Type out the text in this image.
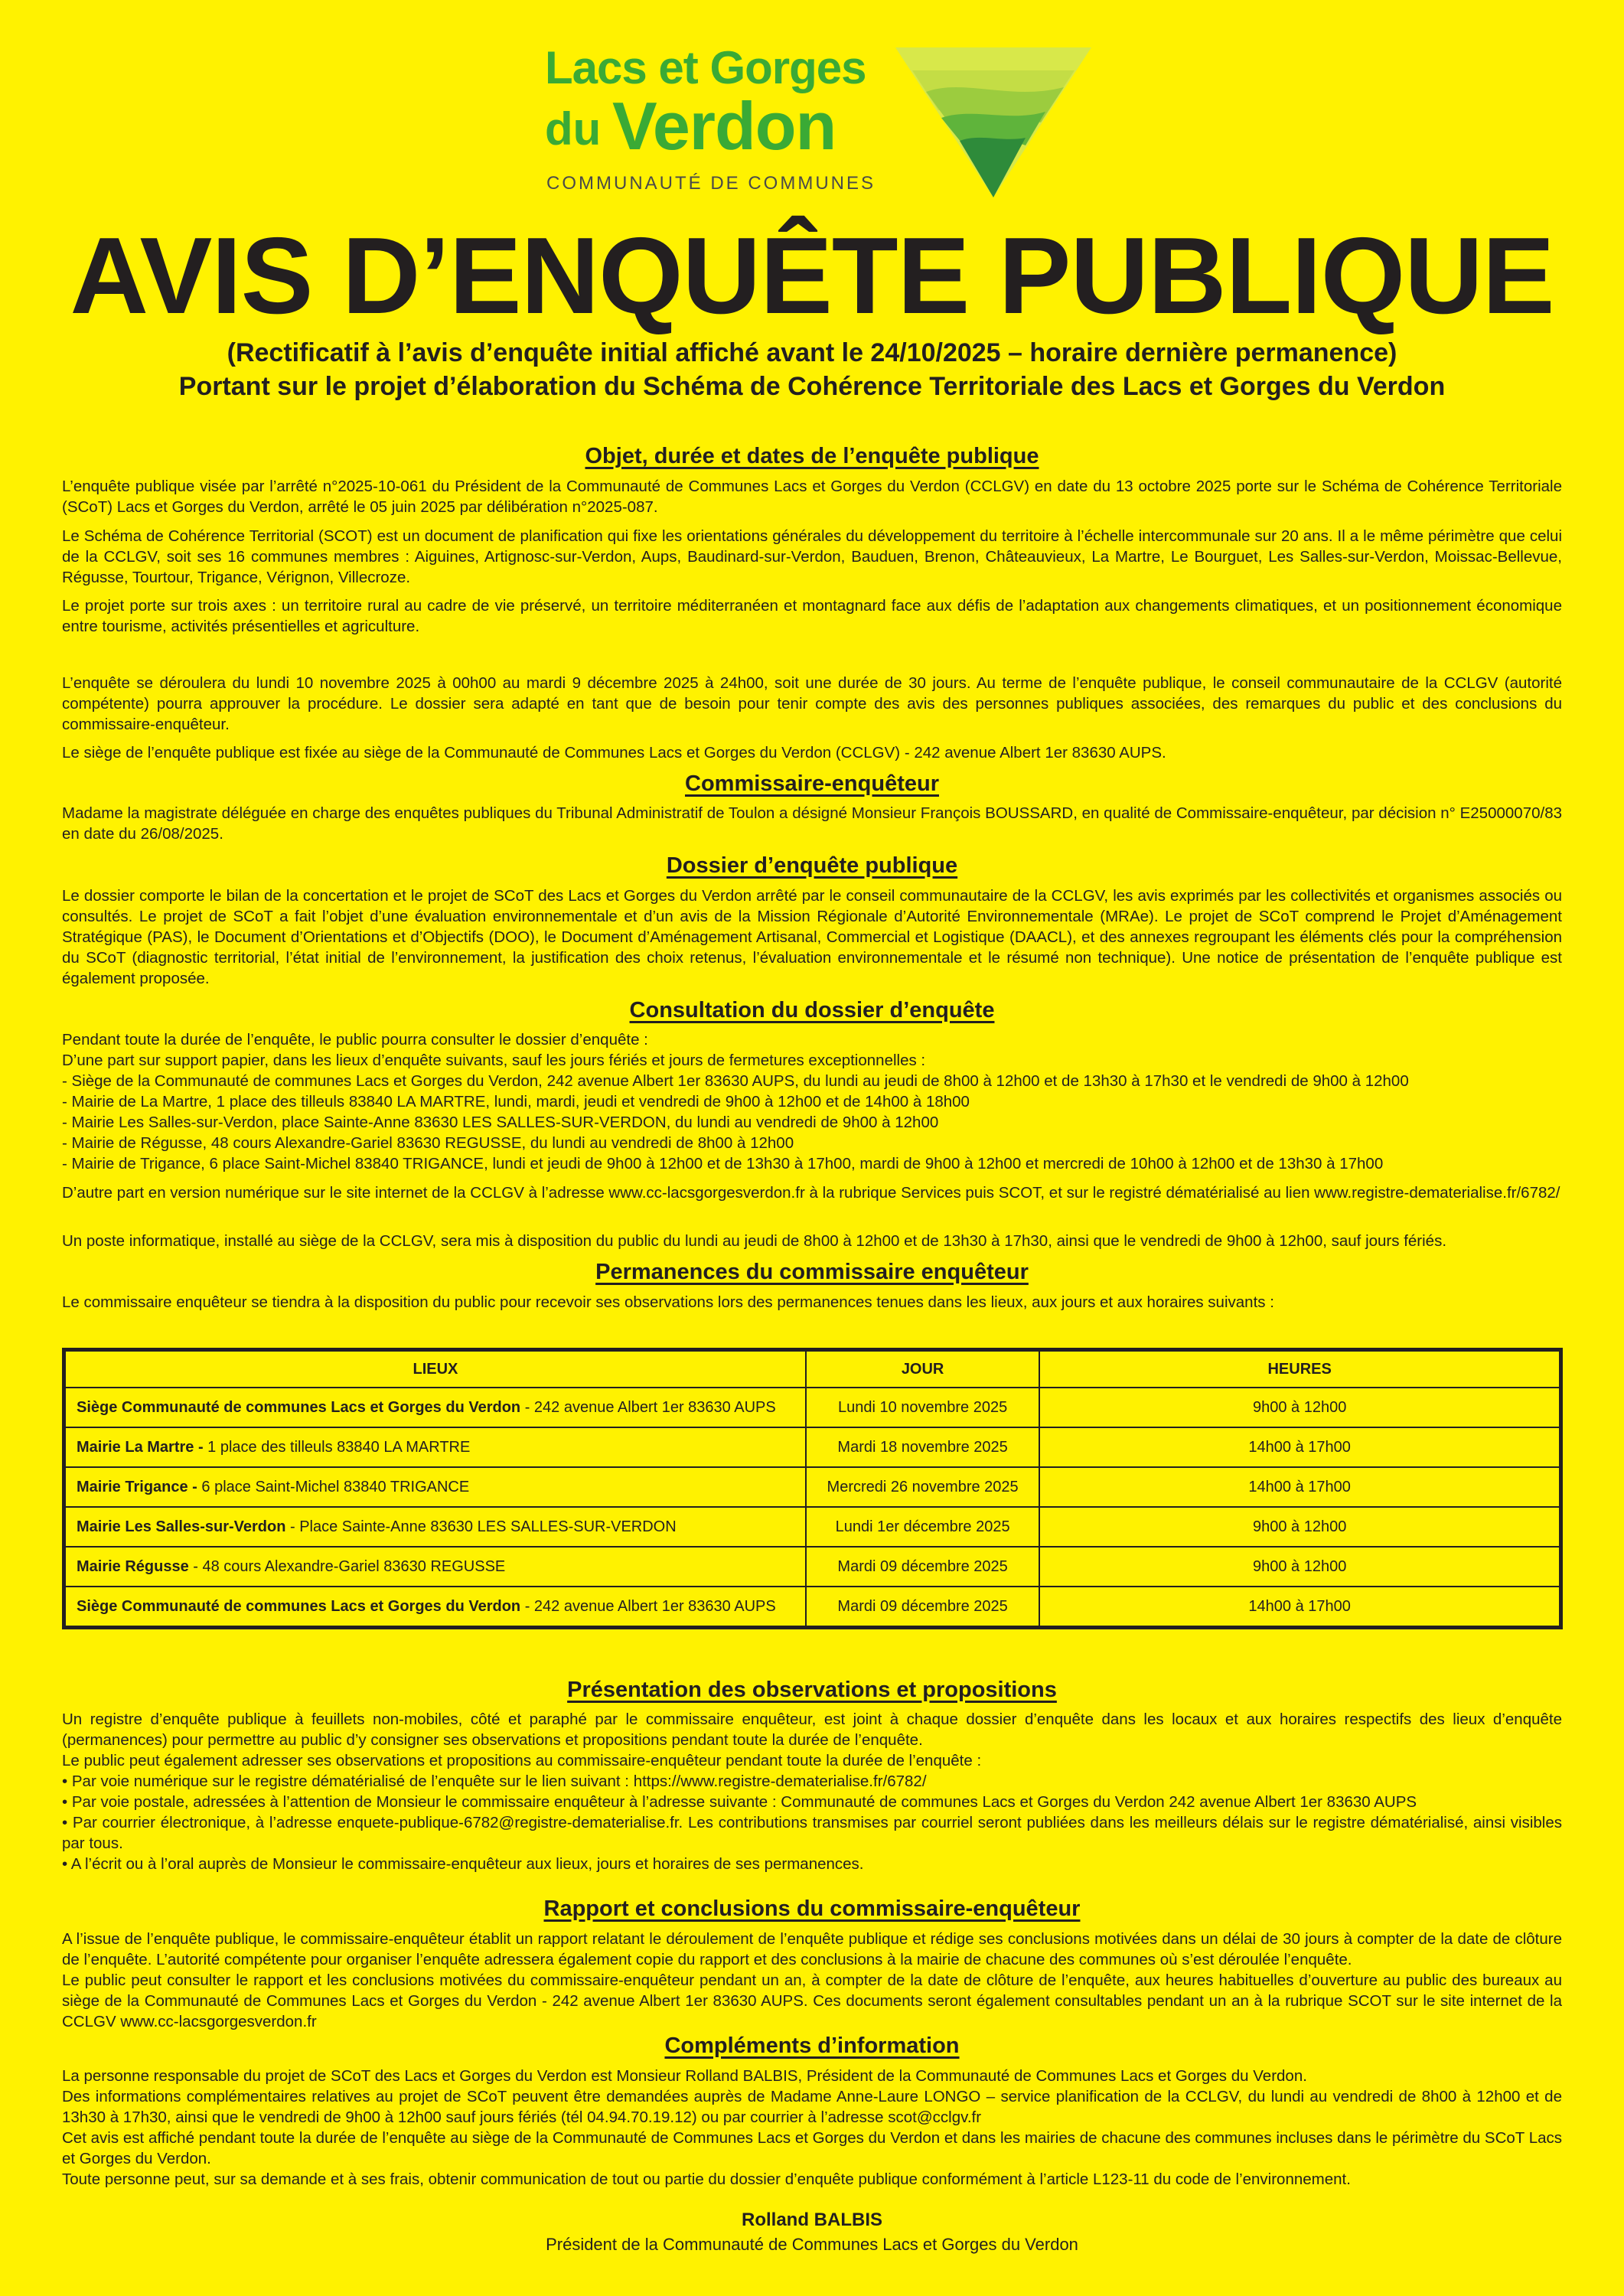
Lacs et Gorges
du Verdon
COMMUNAUTÉ DE COMMUNES
AVIS D’ENQUÊTE PUBLIQUE
(Rectificatif à l’avis d’enquête initial affiché avant le 24/10/2025 – horaire dernière permanence)
Portant sur le projet d’élaboration du Schéma de Cohérence Territoriale des Lacs et Gorges du Verdon
Objet, durée et dates de l’enquête publique

L’enquête publique visée par l’arrêté n°2025-10-061 du Président de la Communauté de Communes Lacs et Gorges du Verdon (CCLGV) en date du 13 octobre 2025 porte sur le Schéma de Cohérence Territoriale (SCoT) Lacs et Gorges du Verdon, arrêté le 05 juin 2025 par délibération n°2025-087.

Le Schéma de Cohérence Territorial (SCOT) est un document de planification qui fixe les orientations générales du développement du territoire à l’échelle intercommunale sur 20 ans. Il a le même périmètre que celui de la CCLGV, soit ses 16 communes membres : Aiguines, Artignosc-sur-Verdon, Aups, Baudinard-sur-Verdon, Bauduen, Brenon, Châteauvieux, La Martre, Le Bourguet, Les Salles-sur-Verdon, Moissac-Bellevue, Régusse, Tourtour, Trigance, Vérignon, Villecroze.

Le projet porte sur trois axes : un territoire rural au cadre de vie préservé, un territoire méditerranéen et montagnard face aux défis de l’adaptation aux changements climatiques, et un positionnement économique entre tourisme, activités présentielles et agriculture.

L’enquête se déroulera du lundi 10 novembre 2025 à 00h00 au mardi 9 décembre 2025 à 24h00, soit une durée de 30 jours. Au terme de l’enquête publique, le conseil communautaire de la CCLGV (autorité compétente) pourra approuver la procédure. Le dossier sera adapté en tant que de besoin pour tenir compte des avis des personnes publiques associées, des remarques du public et des conclusions du commissaire-enquêteur.

Le siège de l’enquête publique est fixée au siège de la Communauté de Communes Lacs et Gorges du Verdon (CCLGV) - 242 avenue Albert 1er 83630 AUPS.

Commissaire-enquêteur

Madame la magistrate déléguée en charge des enquêtes publiques du Tribunal Administratif de Toulon a désigné Monsieur François BOUSSARD, en qualité de Commissaire-enquêteur, par décision n° E25000070/83 en date du 26/08/2025.

Dossier d’enquête publique

Le dossier comporte le bilan de la concertation et le projet de SCoT des Lacs et Gorges du Verdon arrêté par le conseil communautaire de la CCLGV, les avis exprimés par les collectivités et organismes associés ou consultés. Le projet de SCoT a fait l’objet d’une évaluation environnementale et d’un avis de la Mission Régionale d’Autorité Environnementale (MRAe). Le projet de SCoT comprend le Projet d’Aménagement Stratégique (PAS), le Document d’Orientations et d’Objectifs (DOO), le Document d’Aménagement Artisanal, Commercial et Logistique (DAACL), et des annexes regroupant les éléments clés pour la compréhension du SCoT (diagnostic territorial, l’état initial de l’environnement, la justification des choix retenus, l’évaluation environnementale et le résumé non technique). Une notice de présentation de l’enquête publique est également proposée.

Consultation du dossier d’enquête

Pendant toute la durée de l’enquête, le public pourra consulter le dossier d’enquête :

D’une part sur support papier, dans les lieux d’enquête suivants, sauf les jours fériés et jours de fermetures exceptionnelles :

- Siège de la Communauté de communes Lacs et Gorges du Verdon, 242 avenue Albert 1er 83630 AUPS, du lundi au jeudi de 8h00 à 12h00 et de 13h30 à 17h30 et le vendredi de 9h00 à 12h00

- Mairie de La Martre, 1 place des tilleuls 83840 LA MARTRE, lundi, mardi, jeudi et vendredi de 9h00 à 12h00 et de 14h00 à 18h00

- Mairie Les Salles-sur-Verdon, place Sainte-Anne 83630 LES SALLES-SUR-VERDON, du lundi au vendredi de 9h00 à 12h00

- Mairie de Régusse, 48 cours Alexandre-Gariel 83630 REGUSSE, du lundi au vendredi de 8h00 à 12h00

- Mairie de Trigance, 6 place Saint-Michel 83840 TRIGANCE, lundi et jeudi de 9h00 à 12h00 et de 13h30 à 17h00, mardi de 9h00 à 12h00 et mercredi de 10h00 à 12h00 et de 13h30 à 17h00

D’autre part en version numérique sur le site internet de la CCLGV à l’adresse www.cc-lacsgorgesverdon.fr à la rubrique Services puis SCOT, et sur le registré dématérialisé au lien www.registre-dematerialise.fr/6782/

Un poste informatique, installé au siège de la CCLGV, sera mis à disposition du public du lundi au jeudi de 8h00 à 12h00 et de 13h30 à 17h30, ainsi que le vendredi de 9h00 à 12h00, sauf jours fériés.

Permanences du commissaire enquêteur

Le commissaire enquêteur se tiendra à la disposition du public pour recevoir ses observations lors des permanences tenues dans les lieux, aux jours et aux horaires suivants :

LIEUX	JOUR	HEURES
Siège Communauté de communes Lacs et Gorges du Verdon - 242 avenue Albert 1er 83630 AUPS	Lundi 10 novembre 2025	9h00 à 12h00
Mairie La Martre - 1 place des tilleuls 83840 LA MARTRE	Mardi 18 novembre 2025	14h00 à 17h00
Mairie Trigance - 6 place Saint-Michel 83840 TRIGANCE	Mercredi 26 novembre 2025	14h00 à 17h00
Mairie Les Salles-sur-Verdon - Place Sainte-Anne 83630 LES SALLES-SUR-VERDON	Lundi 1er décembre 2025	9h00 à 12h00
Mairie Régusse - 48 cours Alexandre-Gariel 83630 REGUSSE	Mardi 09 décembre 2025	9h00 à 12h00
Siège Communauté de communes Lacs et Gorges du Verdon - 242 avenue Albert 1er 83630 AUPS	Mardi 09 décembre 2025	14h00 à 17h00
Présentation des observations et propositions

Un registre d’enquête publique à feuillets non-mobiles, côté et paraphé par le commissaire enquêteur, est joint à chaque dossier d’enquête dans les locaux et aux horaires respectifs des lieux d’enquête (permanences) pour permettre au public d’y consigner ses observations et propositions pendant toute la durée de l’enquête.

Le public peut également adresser ses observations et propositions au commissaire-enquêteur pendant toute la durée de l’enquête :

• Par voie numérique sur le registre dématérialisé de l’enquête sur le lien suivant : https://www.registre-dematerialise.fr/6782/

• Par voie postale, adressées à l’attention de Monsieur le commissaire enquêteur à l’adresse suivante : Communauté de communes Lacs et Gorges du Verdon 242 avenue Albert 1er 83630 AUPS

• Par courrier électronique, à l’adresse enquete-publique-6782@registre-dematerialise.fr. Les contributions transmises par courriel seront publiées dans les meilleurs délais sur le registre dématérialisé, ainsi visibles par tous.

• A l’écrit ou à l’oral auprès de Monsieur le commissaire-enquêteur aux lieux, jours et horaires de ses permanences.

Rapport et conclusions du commissaire-enquêteur

A l’issue de l’enquête publique, le commissaire-enquêteur établit un rapport relatant le déroulement de l’enquête publique et rédige ses conclusions motivées dans un délai de 30 jours à compter de la date de clôture de l’enquête. L’autorité compétente pour organiser l’enquête adressera également copie du rapport et des conclusions à la mairie de chacune des communes où s’est déroulée l’enquête.

Le public peut consulter le rapport et les conclusions motivées du commissaire-enquêteur pendant un an, à compter de la date de clôture de l’enquête, aux heures habituelles d’ouverture au public des bureaux au siège de la Communauté de Communes Lacs et Gorges du Verdon - 242 avenue Albert 1er 83630 AUPS. Ces documents seront également consultables pendant un an à la rubrique SCOT sur le site internet de la CCLGV www.cc-lacsgorgesverdon.fr

Compléments d’information

La personne responsable du projet de SCoT des Lacs et Gorges du Verdon est Monsieur Rolland BALBIS, Président de la Communauté de Communes Lacs et Gorges du Verdon.

Des informations complémentaires relatives au projet de SCoT peuvent être demandées auprès de Madame Anne-Laure LONGO – service planification de la CCLGV, du lundi au vendredi de 8h00 à 12h00 et de 13h30 à 17h30, ainsi que le vendredi de 9h00 à 12h00 sauf jours fériés (tél 04.94.70.19.12) ou par courrier à l’adresse scot@cclgv.fr

Cet avis est affiché pendant toute la durée de l’enquête au siège de la Communauté de Communes Lacs et Gorges du Verdon et dans les mairies de chacune des communes incluses dans le périmètre du SCoT Lacs et Gorges du Verdon.

Toute personne peut, sur sa demande et à ses frais, obtenir communication de tout ou partie du dossier d’enquête publique conformément à l’article L123-11 du code de l’environnement.

Rolland BALBIS
Président de la Communauté de Communes Lacs et Gorges du Verdon
